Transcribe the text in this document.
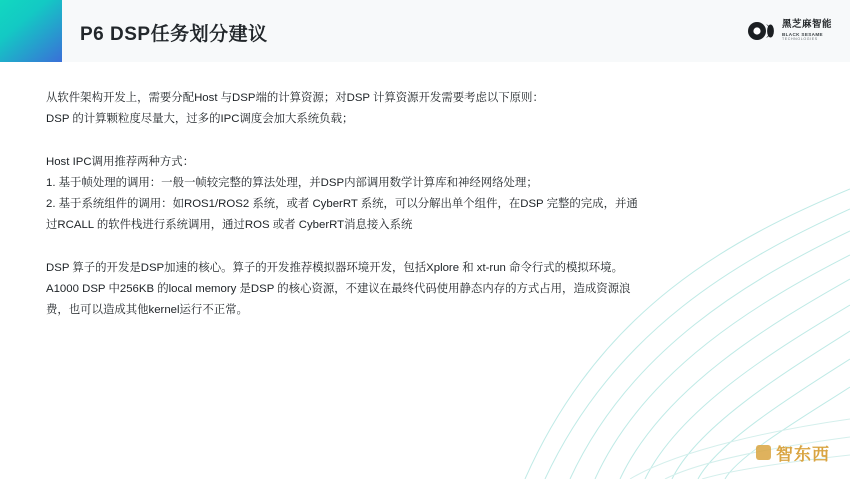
P6 DSP任务划分建议	黑芝麻智能
BLACK SESAME
TECHNOLOGIES

从软件架构开发上，需要分配Host 与DSP端的计算资源；对DSP 计算资源开发需要考虑以下原则：

DSP 的计算颗粒度尽量大，过多的IPC调度会加大系统负载；

Host IPC调用推荐两种方式：

1. 基于帧处理的调用：一般一帧较完整的算法处理，并DSP内部调用数学计算库和神经网络处理；

2. 基于系统组件的调用：如ROS1/ROS2 系统，或者 CyberRT 系统，可以分解出单个组件，在DSP 完整的完成，并通

过RCALL 的软件栈进行系统调用，通过ROS 或者 CyberRT消息接入系统

DSP 算子的开发是DSP加速的核心。算子的开发推荐模拟器环境开发，包括Xplore 和 xt-run 命令行式的模拟环境。

A1000 DSP 中256KB 的local memory 是DSP 的核心资源，不建议在最终代码使用静态内存的方式占用，造成资源浪

费，也可以造成其他kernel运行不正常。

智东西
